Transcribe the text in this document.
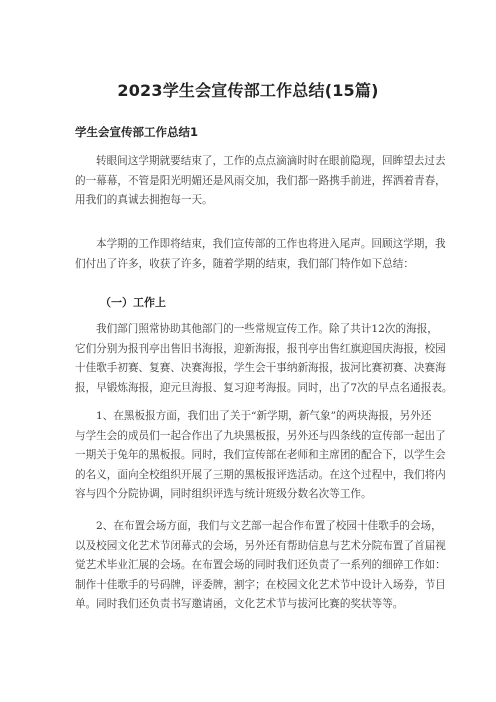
2023学生会宣传部工作总结(15篇)
学生会宣传部工作总结1
转眼间这学期就要结束了，工作的点点滴滴时时在眼前隐现，回眸望去过去
的一幕幕，不管是阳光明媚还是风雨交加，我们都一路携手前进，挥洒着青春，
用我们的真诚去拥抱每一天。
本学期的工作即将结束，我们宣传部的工作也将进入尾声。回顾这学期，我
们付出了许多，收获了许多，随着学期的结束，我们部门特作如下总结：
（一）工作上
我们部门照常协助其他部门的一些常规宣传工作。除了共计12次的海报，
它们分别为报刊亭出售旧书海报，迎新海报，报刊亭出售红旗迎国庆海报，校园
十佳歌手初赛、复赛、决赛海报，学生会干事纳新海报，拔河比赛初赛、决赛海
报，早锻炼海报，迎元旦海报、复习迎考海报。同时，出了7次的早点名通报表。
1、在黑板报方面，我们出了关于“新学期，新气象”的两块海报，另外还
与学生会的成员们一起合作出了九块黑板报，另外还与四条线的宣传部一起出了
一期关于兔年的黑板报。同时，我们宣传部在老师和主席团的配合下，以学生会
的名义，面向全校组织开展了三期的黑板报评选活动。在这个过程中，我们将内
容与四个分院协调，同时组织评选与统计班级分数名次等工作。
2、在布置会场方面，我们与文艺部一起合作布置了校园十佳歌手的会场，
以及校园文化艺术节闭幕式的会场，另外还有帮助信息与艺术分院布置了首届视
觉艺术毕业汇展的会场。在布置会场的同时我们还负责了一系列的细碎工作如：
制作十佳歌手的号码牌，评委牌，割字；在校园文化艺术节中设计入场券，节目
单。同时我们还负责书写邀请函，文化艺术节与拔河比赛的奖状等等。
